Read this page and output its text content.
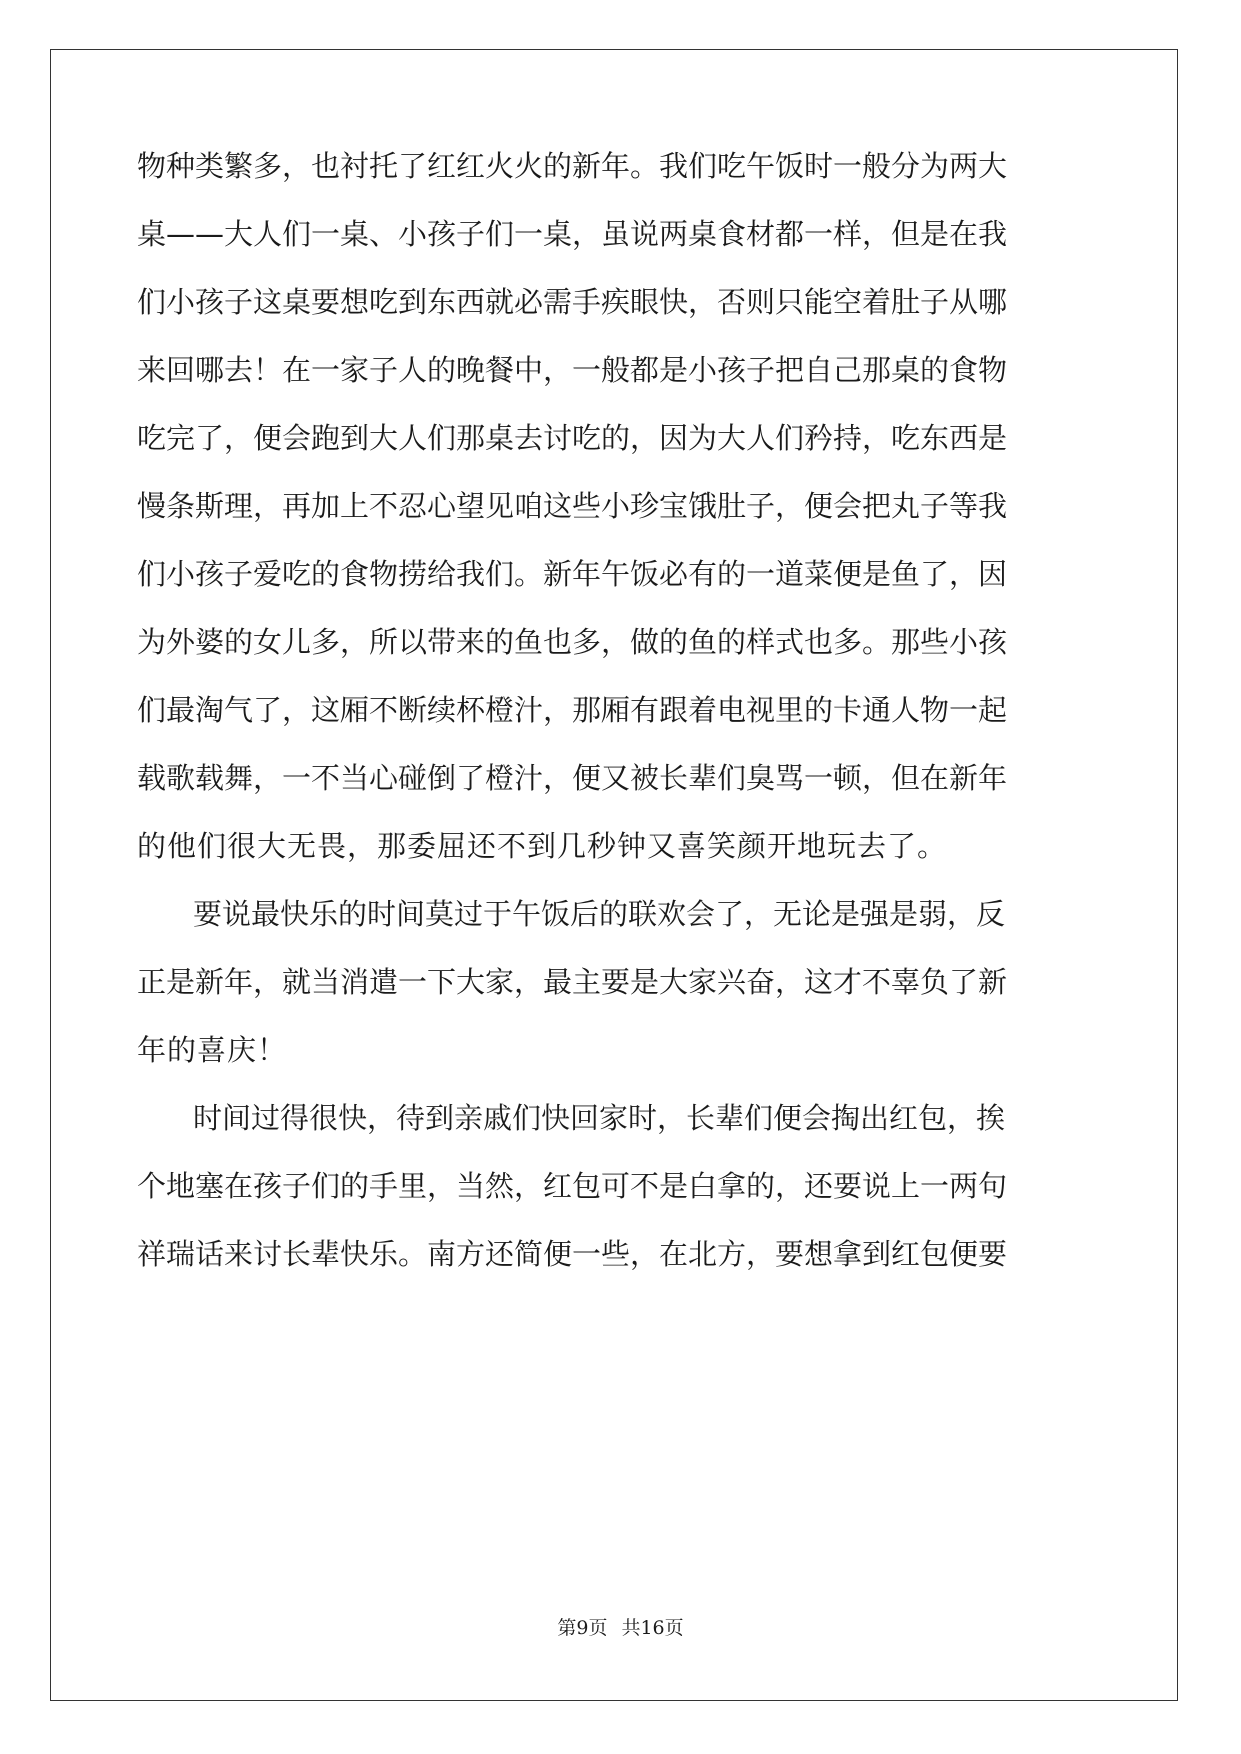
物种类繁多，也衬托了红红火火的新年。我们吃午饭时一般分为两大
桌——大人们一桌、小孩子们一桌，虽说两桌食材都一样，但是在我
们小孩子这桌要想吃到东西就必需手疾眼快，否则只能空着肚子从哪
来回哪去！在一家子人的晚餐中，一般都是小孩子把自己那桌的食物
吃完了，便会跑到大人们那桌去讨吃的，因为大人们矜持，吃东西是
慢条斯理，再加上不忍心望见咱这些小珍宝饿肚子，便会把丸子等我
们小孩子爱吃的食物捞给我们。新年午饭必有的一道菜便是鱼了，因
为外婆的女儿多，所以带来的鱼也多，做的鱼的样式也多。那些小孩
们最淘气了，这厢不断续杯橙汁，那厢有跟着电视里的卡通人物一起
载歌载舞，一不当心碰倒了橙汁，便又被长辈们臭骂一顿，但在新年
的他们很大无畏，那委屈还不到几秒钟又喜笑颜开地玩去了。
要说最快乐的时间莫过于午饭后的联欢会了，无论是强是弱，反
正是新年，就当消遣一下大家，最主要是大家兴奋，这才不辜负了新
年的喜庆！
时间过得很快，待到亲戚们快回家时，长辈们便会掏出红包，挨
个地塞在孩子们的手里，当然，红包可不是白拿的，还要说上一两句
祥瑞话来讨长辈快乐。南方还简便一些，在北方，要想拿到红包便要
第9页 共16页
